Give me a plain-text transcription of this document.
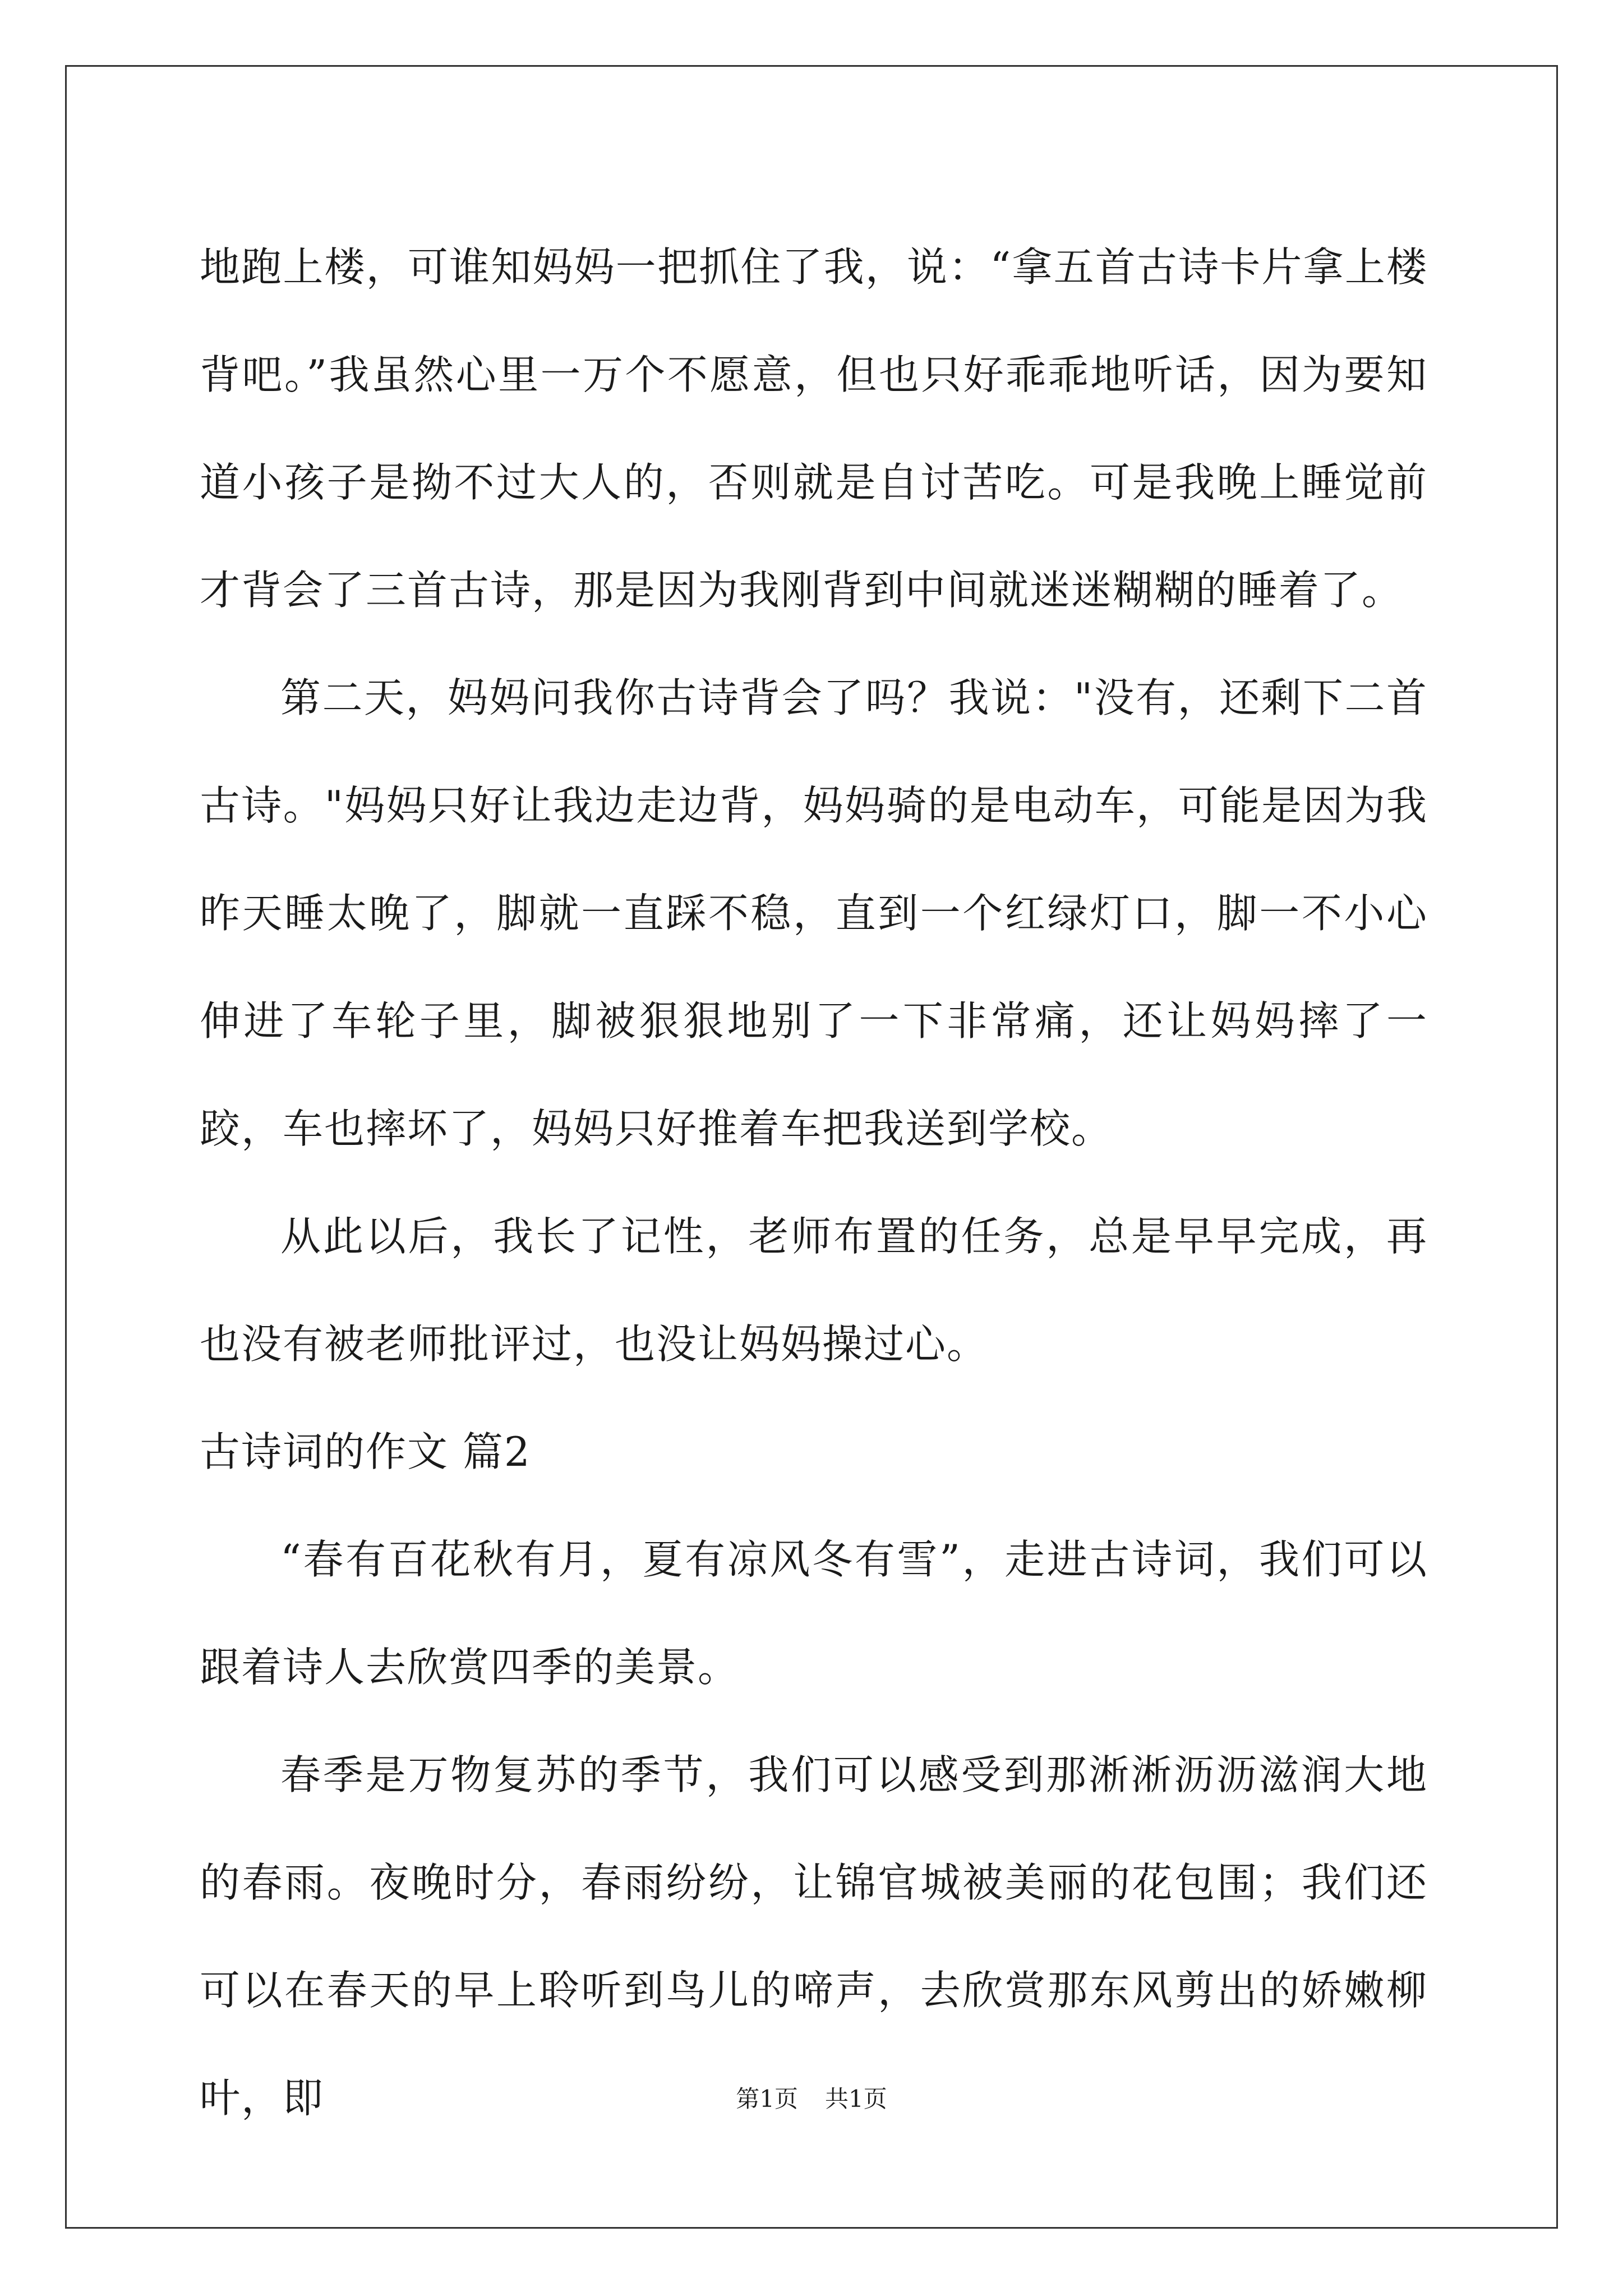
地跑上楼，可谁知妈妈一把抓住了我，说：“拿五首古诗卡片拿上楼背吧。”我虽然心里一万个不愿意，但也只好乖乖地听话，因为要知道小孩子是拗不过大人的，否则就是自讨苦吃。可是我晚上睡觉前才背会了三首古诗，那是因为我刚背到中间就迷迷糊糊的睡着了。

第二天，妈妈问我你古诗背会了吗？我说："没有，还剩下二首古诗。"妈妈只好让我边走边背，妈妈骑的是电动车，可能是因为我昨天睡太晚了，脚就一直踩不稳，直到一个红绿灯口，脚一不小心伸进了车轮子里，脚被狠狠地别了一下非常痛，还让妈妈摔了一跤，车也摔坏了，妈妈只好推着车把我送到学校。

从此以后，我长了记性，老师布置的任务，总是早早完成，再也没有被老师批评过，也没让妈妈操过心。

古诗词的作文 篇2

“春有百花秋有月，夏有凉风冬有雪”，走进古诗词，我们可以跟着诗人去欣赏四季的美景。

春季是万物复苏的季节，我们可以感受到那淅淅沥沥滋润大地的春雨。夜晚时分，春雨纷纷，让锦官城被美丽的花包围；我们还可以在春天的早上聆听到鸟儿的啼声，去欣赏那东风剪出的娇嫩柳叶，即	第1页 共1页
